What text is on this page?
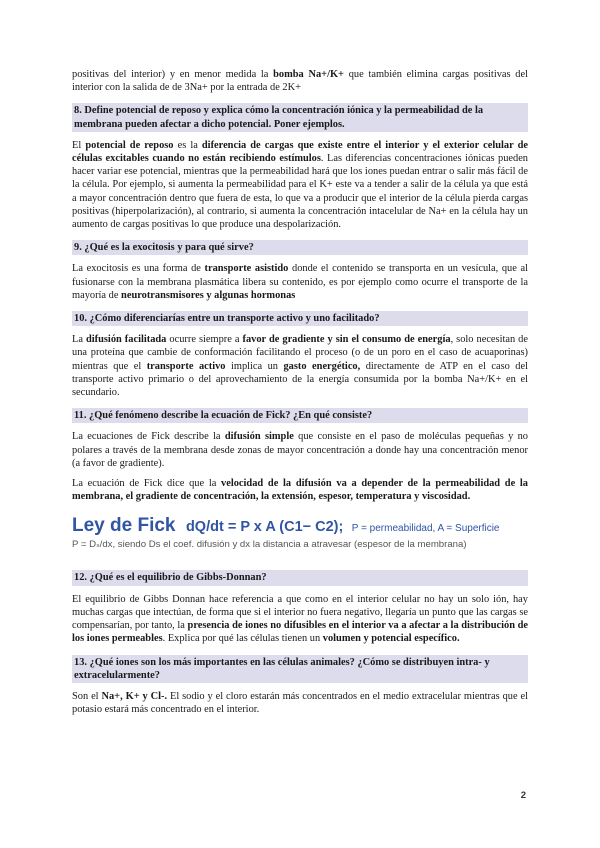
positivas del interior) y en menor medida la bomba Na+/K+ que también elimina cargas positivas del interior con la salida de de 3Na+ por la entrada de 2K+

8. Define potencial de reposo y explica cómo la concentración iónica y la permeabilidad de la membrana pueden afectar a dicho potencial. Poner ejemplos.

El potencial de reposo es la diferencia de cargas que existe entre el interior y el exterior celular de células excitables cuando no están recibiendo estímulos. Las diferencias concentraciones iónicas pueden hacer variar ese potencial, mientras que la permeabilidad hará que los iones puedan entrar o salir más fácil de la célula. Por ejemplo, si aumenta la permeabilidad para el K+ este va a tender a salir de la célula ya que está a mayor concentración dentro que fuera de esta, lo que va a producir que el interior de la célula pierda cargas positivas (hiperpolarización), al contrario, si aumenta la concentración intacelular de Na+ en la célula hay un aumento de cargas positivas lo que produce una despolarización.

9. ¿Qué es la exocitosis y para qué sirve?

La exocitosis es una forma de transporte asistido donde el contenido se transporta en un vesícula, que al fusionarse con la membrana plasmática libera su contenido, es por ejemplo como ocurre el transporte de la mayoría de neurotransmisores y algunas hormonas

10. ¿Cómo diferenciarías entre un transporte activo y uno facilitado?

La difusión facilitada ocurre siempre a favor de gradiente y sin el consumo de energía, solo necesitan de una proteína que cambie de conformación facilitando el proceso (o de un poro en el caso de acuaporinas) mientras que el transporte activo implica un gasto energético, directamente de ATP en el caso del transporte activo primario o del aprovechamiento de la energía consumida por la bomba Na+/K+ en el secundario.

11. ¿Qué fenómeno describe la ecuación de Fick? ¿En qué consiste?

La ecuaciones de Fick describe la difusión simple que consiste en el paso de moléculas pequeñas y no polares a través de la membrana desde zonas de mayor concentración a donde hay una concentración menor (a favor de gradiente).

La ecuación de Fick dice que la velocidad de la difusión va a depender de la permeabilidad de la membrana, el gradiente de concentración, la extensión, espesor, temperatura y viscosidad.

Ley de Fick dQ/dt = P x A (C1− C2); P = permeabilidad, A = Superficie
P = Dₛ/dx, siendo Ds el coef. difusión y dx la distancia a atravesar (espesor de la membrana)
12. ¿Qué es el equilibrio de Gibbs-Donnan?

El equilibrio de Gibbs Donnan hace referencia a que como en el interior celular no hay un solo ión, hay muchas cargas que intectúan, de forma que si el interior no fuera negativo, llegaría un punto que las cargas se compensarían, por tanto, la presencia de iones no difusibles en el interior va a afectar a la distribución de los iones permeables. Explica por qué las células tienen un volumen y potencial específico.

13. ¿Qué iones son los más importantes en las células animales? ¿Cómo se distribuyen intra- y extracelularmente?

Son el Na+, K+ y Cl-. El sodio y el cloro estarán más concentrados en el medio extracelular mientras que el potasio estará más concentrado en el interior.

2
